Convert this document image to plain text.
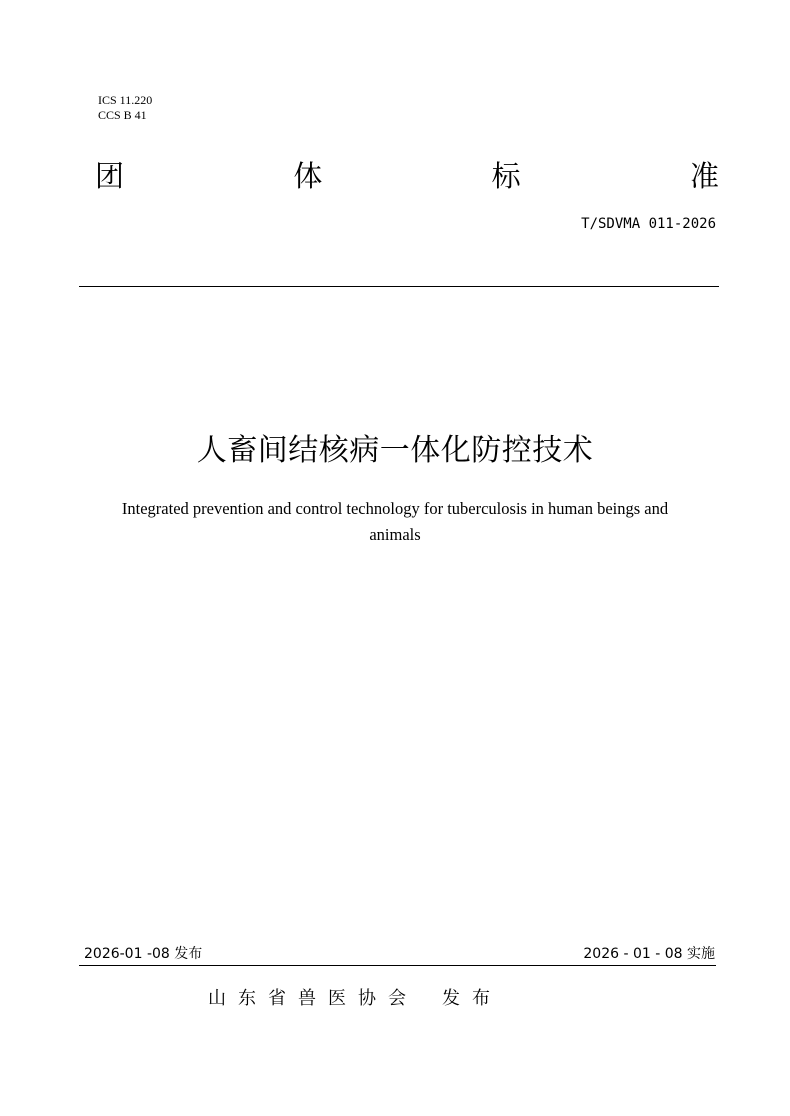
ICS 11.220
CCS B 41
团	体	标	准
T/SDVMA 011-2026
人畜间结核病一体化防控技术
Integrated prevention and control technology for tuberculosis in human beings and
animals
2026-01 -08 发布	2026 - 01 - 08 实施
山东省兽医协会 发布
